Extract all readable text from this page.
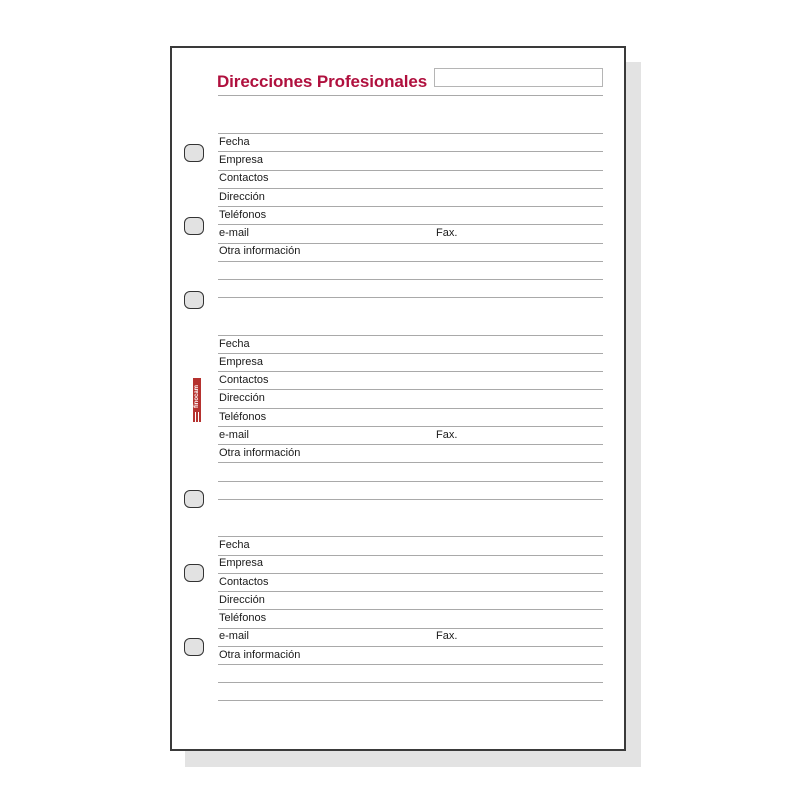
Direcciones Profesionales
finocam
Fecha
Empresa
Contactos
Dirección
Teléfonos
e-mail	Fax.
Otra información
Fecha
Empresa
Contactos
Dirección
Teléfonos
e-mail	Fax.
Otra información
Fecha
Empresa
Contactos
Dirección
Teléfonos
e-mail	Fax.
Otra información
